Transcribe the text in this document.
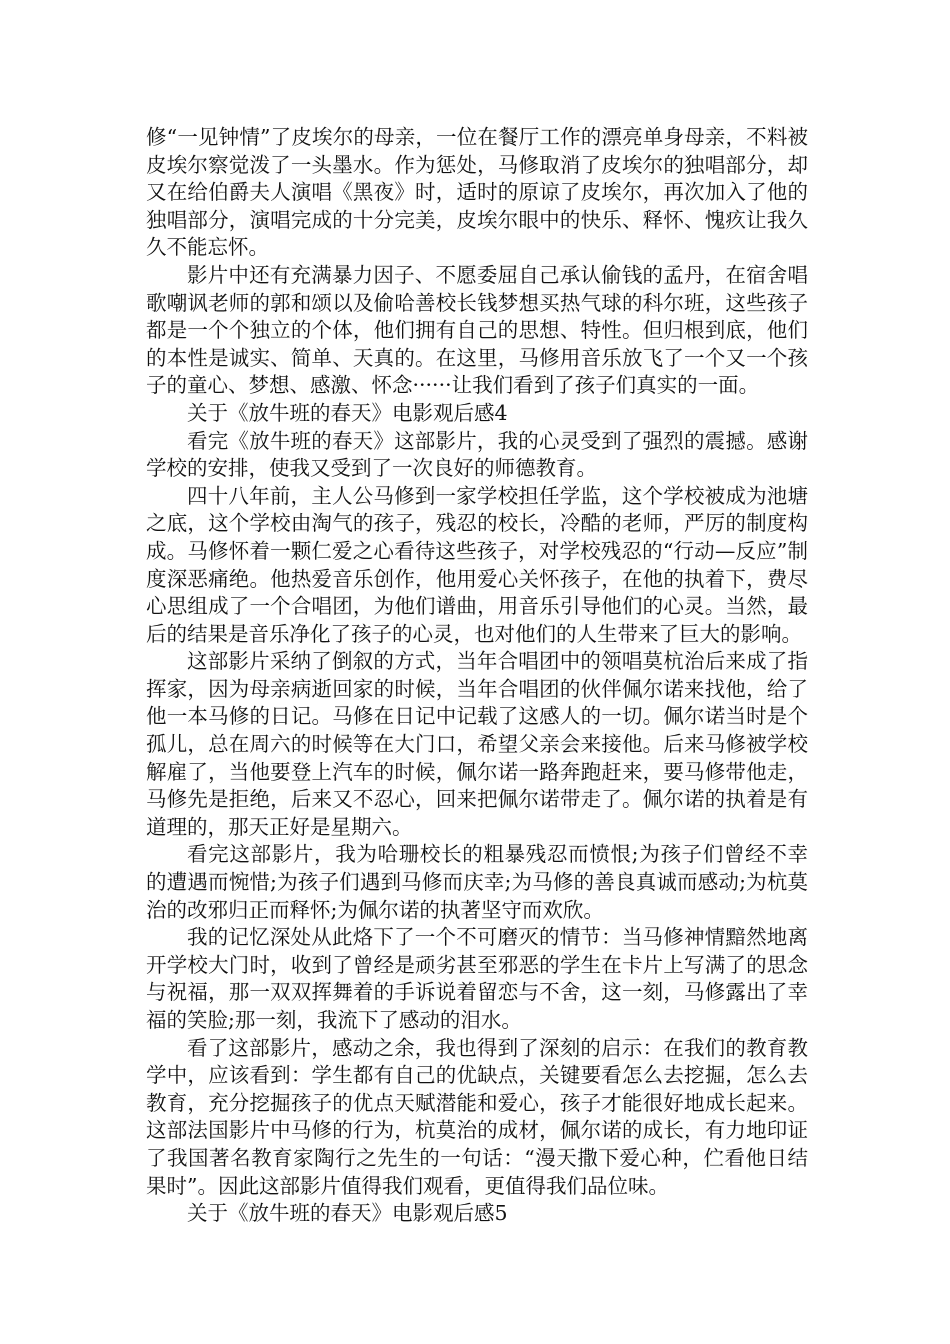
修“一见钟情”了皮埃尔的母亲，一位在餐厅工作的漂亮单身母亲，不料被皮埃尔察觉泼了一头墨水。作为惩处，马修取消了皮埃尔的独唱部分，却又在给伯爵夫人演唱《黑夜》时，适时的原谅了皮埃尔，再次加入了他的独唱部分，演唱完成的十分完美，皮埃尔眼中的快乐、释怀、愧疚让我久久不能忘怀。

影片中还有充满暴力因子、不愿委屈自己承认偷钱的孟丹，在宿舍唱歌嘲讽老师的郭和颂以及偷哈善校长钱梦想买热气球的科尔班，这些孩子都是一个个独立的个体，他们拥有自己的思想、特性。但归根到底，他们的本性是诚实、简单、天真的。在这里，马修用音乐放飞了一个又一个孩子的童心、梦想、感激、怀念······让我们看到了孩子们真实的一面。

关于《放牛班的春天》电影观后感4

看完《放牛班的春天》这部影片，我的心灵受到了强烈的震撼。感谢学校的安排，使我又受到了一次良好的师德教育。

四十八年前，主人公马修到一家学校担任学监，这个学校被成为池塘之底，这个学校由淘气的孩子，残忍的校长，冷酷的老师，严厉的制度构成。马修怀着一颗仁爱之心看待这些孩子，对学校残忍的“行动—反应”制度深恶痛绝。他热爱音乐创作，他用爱心关怀孩子，在他的执着下，费尽心思组成了一个合唱团，为他们谱曲，用音乐引导他们的心灵。当然，最后的结果是音乐净化了孩子的心灵，也对他们的人生带来了巨大的影响。

这部影片采纳了倒叙的方式，当年合唱团中的领唱莫杭治后来成了指挥家，因为母亲病逝回家的时候，当年合唱团的伙伴佩尔诺来找他，给了他一本马修的日记。马修在日记中记载了这感人的一切。佩尔诺当时是个孤儿，总在周六的时候等在大门口，希望父亲会来接他。后来马修被学校解雇了，当他要登上汽车的时候，佩尔诺一路奔跑赶来，要马修带他走，马修先是拒绝，后来又不忍心，回来把佩尔诺带走了。佩尔诺的执着是有道理的，那天正好是星期六。

看完这部影片，我为哈珊校长的粗暴残忍而愤恨;为孩子们曾经不幸的遭遇而惋惜;为孩子们遇到马修而庆幸;为马修的善良真诚而感动;为杭莫治的改邪归正而释怀;为佩尔诺的执著坚守而欢欣。

我的记忆深处从此烙下了一个不可磨灭的情节：当马修神情黯然地离开学校大门时，收到了曾经是顽劣甚至邪恶的学生在卡片上写满了的思念与祝福，那一双双挥舞着的手诉说着留恋与不舍，这一刻，马修露出了幸福的笑脸;那一刻，我流下了感动的泪水。

看了这部影片，感动之余，我也得到了深刻的启示：在我们的教育教学中，应该看到：学生都有自己的优缺点，关键要看怎么去挖掘，怎么去教育，充分挖掘孩子的优点天赋潜能和爱心，孩子才能很好地成长起来。这部法国影片中马修的行为，杭莫治的成材，佩尔诺的成长，有力地印证了我国著名教育家陶行之先生的一句话：“漫天撒下爱心种，伫看他日结果时”。因此这部影片值得我们观看，更值得我们品位味。

关于《放牛班的春天》电影观后感5
